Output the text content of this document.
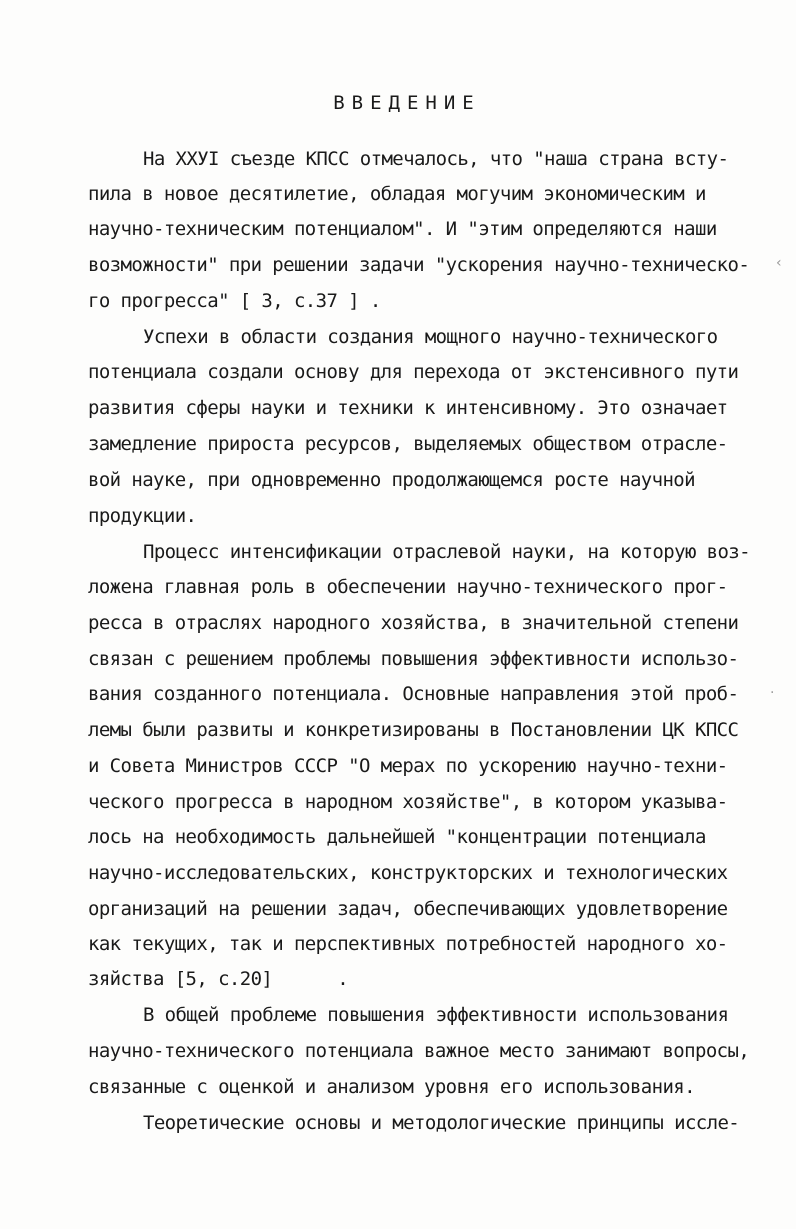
ВВЕДЕНИЕ
На XXУI съезде КПСС отмечалось, что "наша страна всту-
пила в новое десятилетие, обладая могучим экономическим и
научно-техническим потенциалом". И "этим определяются наши
возможности" при решении задачи "ускорения научно-техническо-
го прогресса" [ 3, с.37 ] .
Успехи в области создания мощного научно-технического
потенциала создали основу для перехода от экстенсивного пути
развития сферы науки и техники к интенсивному. Это означает
замедление прироста ресурсов, выделяемых обществом отрасле-
вой науке, при одновременно продолжающемся росте научной
продукции.
Процесс интенсификации отраслевой науки, на которую воз-
ложена главная роль в обеспечении научно-технического прог-
ресса в отраслях народного хозяйства, в значительной степени
связан с решением проблемы повышения эффективности использо-
вания созданного потенциала. Основные направления этой проб-
лемы были развиты и конкретизированы в Постановлении ЦК КПСС
и Совета Министров СССР "О мерах по ускорению научно-техни-
ческого прогресса в народном хозяйстве", в котором указыва-
лось на необходимость дальнейшей "концентрации потенциала
научно-исследовательских, конструкторских и технологических
организаций на решении задач, обеспечивающих удовлетворение
как текущих, так и перспективных потребностей народного хо-
зяйства [5, с.20]      .
В общей проблеме повышения эффективности использования
научно-технического потенциала важное место занимают вопросы,
связанные с оценкой и анализом уровня его использования.
Теоретические основы и методологические принципы иссле-
‹
·
